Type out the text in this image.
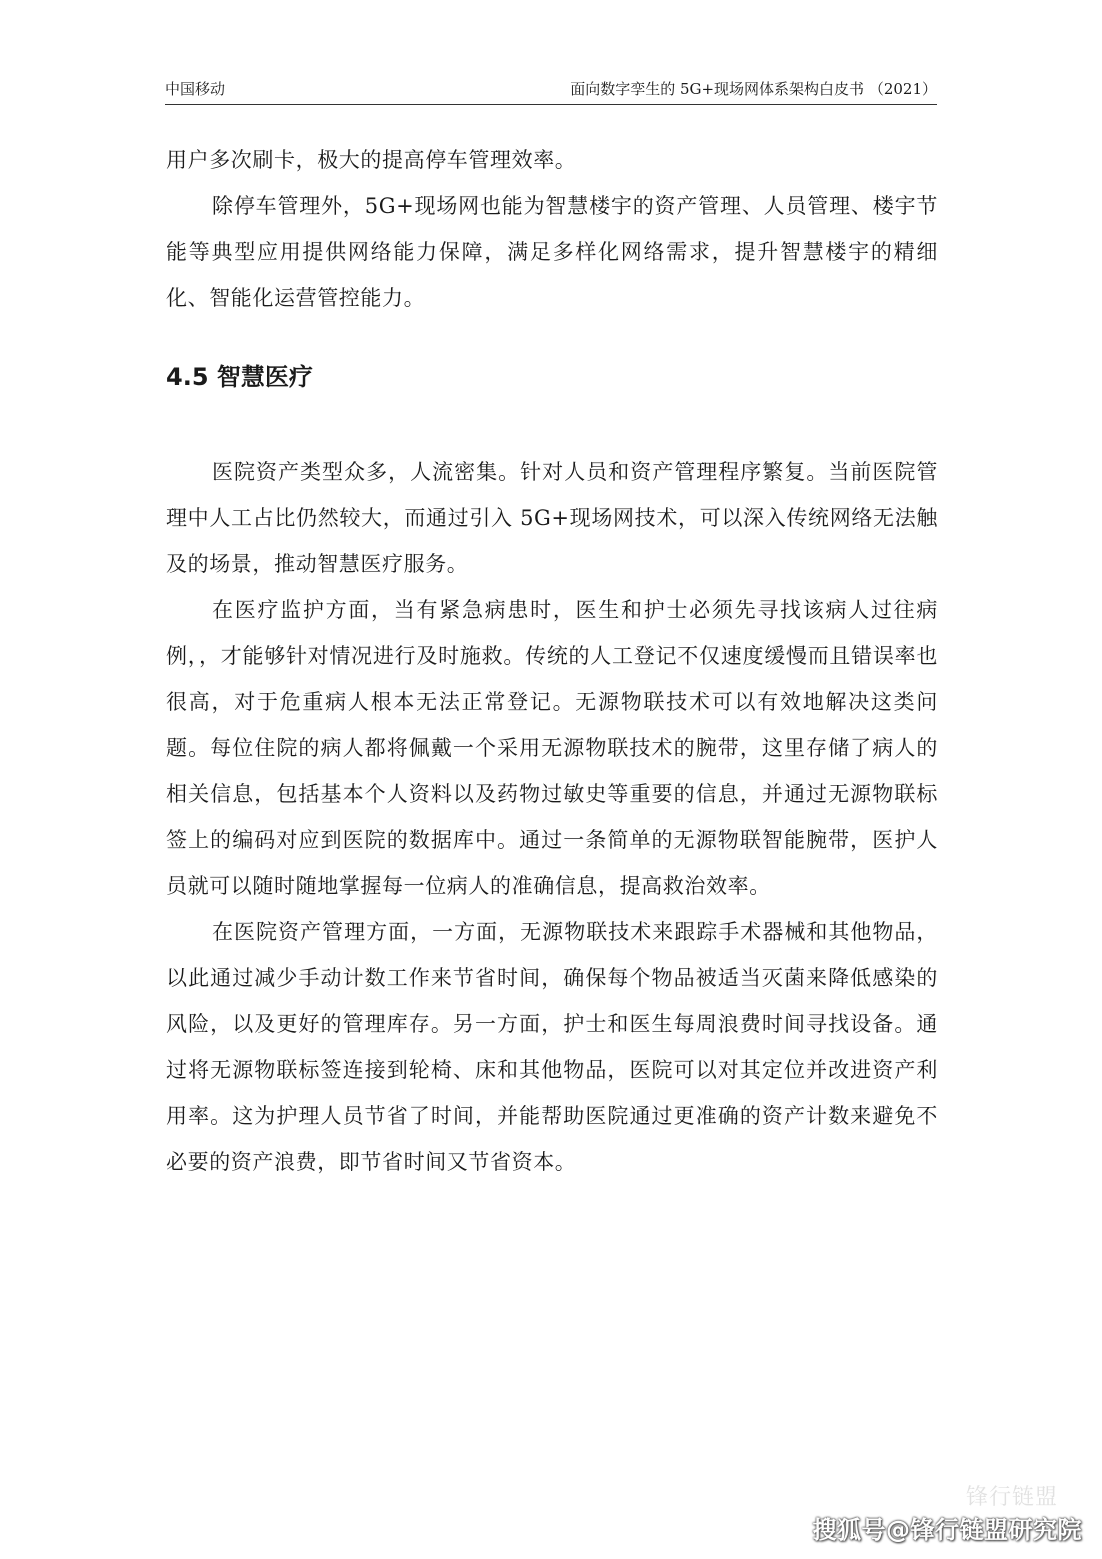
中国移动	面向数字孪生的 5G+现场网体系架构白皮书 （2021）

用户多次刷卡，极大的提高停车管理效率。

除停车管理外，5G+现场网也能为智慧楼宇的资产管理、人员管理、楼宇节能等典型应用提供网络能力保障，满足多样化网络需求，提升智慧楼宇的精细化、智能化运营管控能力。

4.5 智慧医疗

医院资产类型众多，人流密集。针对人员和资产管理程序繁复。当前医院管理中人工占比仍然较大，而通过引入 5G+现场网技术，可以深入传统网络无法触及的场景，推动智慧医疗服务。

在医疗监护方面，当有紧急病患时，医生和护士必须先寻找该病人过往病例，，才能够针对情况进行及时施救。传统的人工登记不仅速度缓慢而且错误率也很高，对于危重病人根本无法正常登记。无源物联技术可以有效地解决这类问题。每位住院的病人都将佩戴一个采用无源物联技术的腕带，这里存储了病人的相关信息，包括基本个人资料以及药物过敏史等重要的信息，并通过无源物联标签上的编码对应到医院的数据库中。通过一条简单的无源物联智能腕带，医护人员就可以随时随地掌握每一位病人的准确信息，提高救治效率。

在医院资产管理方面，一方面，无源物联技术来跟踪手术器械和其他物品，以此通过减少手动计数工作来节省时间，确保每个物品被适当灭菌来降低感染的风险，以及更好的管理库存。另一方面，护士和医生每周浪费时间寻找设备。通过将无源物联标签连接到轮椅、床和其他物品，医院可以对其定位并改进资产利用率。这为护理人员节省了时间，并能帮助医院通过更准确的资产计数来避免不必要的资产浪费，即节省时间又节省资本。

锋行链盟
搜狐号@锋行链盟研究院
